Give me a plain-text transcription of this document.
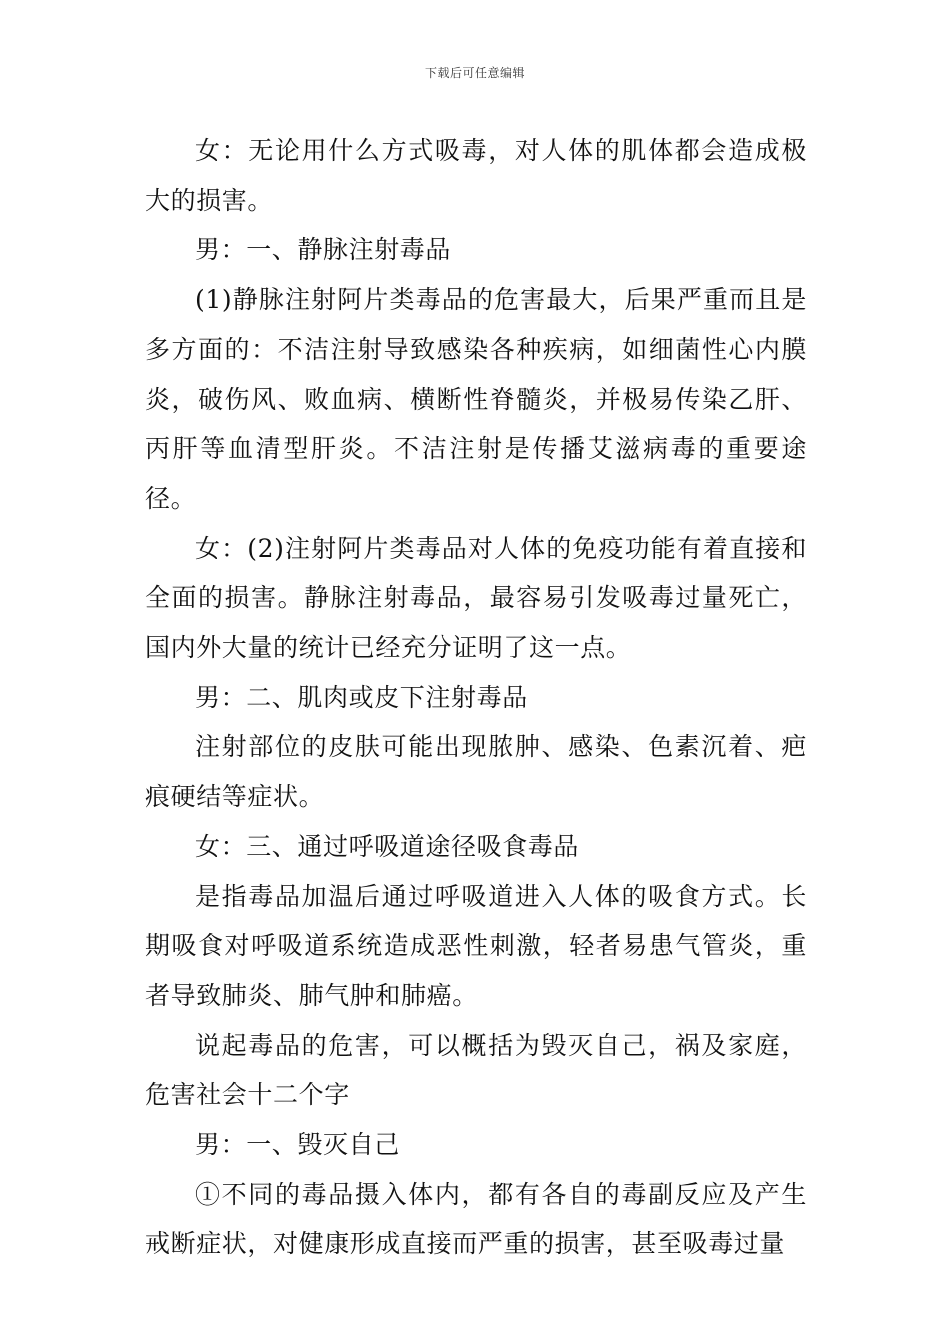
下载后可任意编辑

女：无论用什么方式吸毒，对人体的肌体都会造成极大的损害。

男：一、静脉注射毒品

(1)静脉注射阿片类毒品的危害最大，后果严重而且是多方面的：不洁注射导致感染各种疾病，如细菌性心内膜炎，破伤风、败血病、横断性脊髓炎，并极易传染乙肝、丙肝等血清型肝炎。不洁注射是传播艾滋病毒的重要途径。

女：(2)注射阿片类毒品对人体的免疫功能有着直接和全面的损害。静脉注射毒品，最容易引发吸毒过量死亡，国内外大量的统计已经充分证明了这一点。

男：二、肌肉或皮下注射毒品

注射部位的皮肤可能出现脓肿、感染、色素沉着、疤痕硬结等症状。

女：三、通过呼吸道途径吸食毒品

是指毒品加温后通过呼吸道进入人体的吸食方式。长期吸食对呼吸道系统造成恶性刺激，轻者易患气管炎，重者导致肺炎、肺气肿和肺癌。

说起毒品的危害，可以概括为毁灭自己，祸及家庭，危害社会十二个字

男：一、毁灭自己

①不同的毒品摄入体内，都有各自的毒副反应及产生戒断症状，对健康形成直接而严重的损害，甚至吸毒过量
